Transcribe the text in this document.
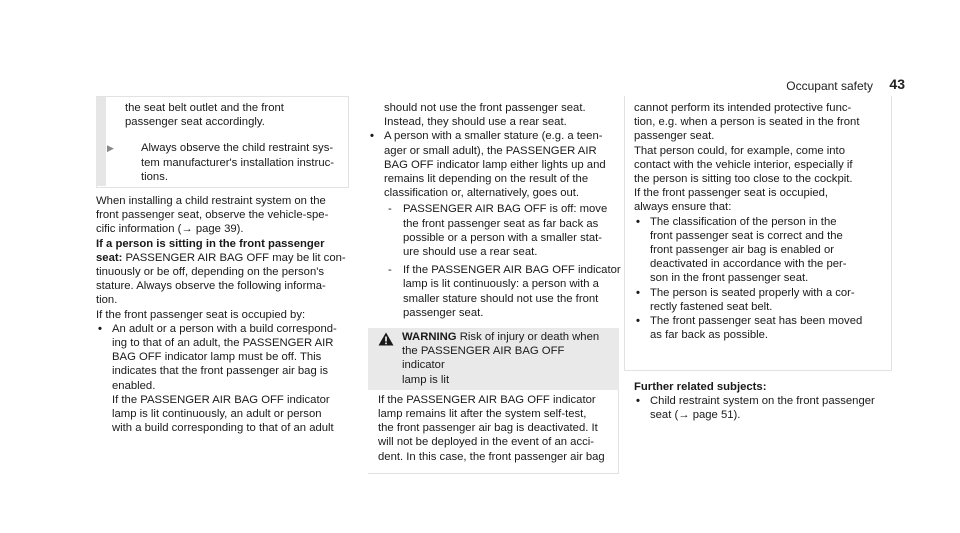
Occupant safety 43

the seat belt outlet and the front
passenger seat accordingly.

▶ Always observe the child restraint sys-
tem manufacturer's installation instruc-
tions.

When installing a child restraint system on the
front passenger seat, observe the vehicle-spe-
cific information (→ page 39).

If a person is sitting in the front passenger
seat: PASSENGER AIR BAG OFF may be lit con-
tinuously or be off, depending on the person's
stature. Always observe the following informa-
tion.

If the front passenger seat is occupied by:

• An adult or a person with a build correspond-
ing to that of an adult, the PASSENGER AIR
BAG OFF indicator lamp must be off. This
indicates that the front passenger air bag is
enabled.
If the PASSENGER AIR BAG OFF indicator
lamp is lit continuously, an adult or person
with a build corresponding to that of an adult

should not use the front passenger seat.
Instead, they should use a rear seat.

• A person with a smaller stature (e.g. a teen-
ager or small adult), the PASSENGER AIR
BAG OFF indicator lamp either lights up and
remains lit depending on the result of the
classification or, alternatively, goes out.
- PASSENGER AIR BAG OFF is off: move
the front passenger seat as far back as
possible or a person with a smaller stat-
ure should use a rear seat.
- If the PASSENGER AIR BAG OFF indicator
lamp is lit continuously: a person with a
smaller stature should not use the front
passenger seat.
WARNING Risk of injury or death when
the PASSENGER AIR BAG OFF indicator
lamp is lit
If the PASSENGER AIR BAG OFF indicator
lamp remains lit after the system self-test,
the front passenger air bag is deactivated. It
will not be deployed in the event of an acci-
dent. In this case, the front passenger air bag

cannot perform its intended protective func-
tion, e.g. when a person is seated in the front
passenger seat.

That person could, for example, come into
contact with the vehicle interior, especially if
the person is sitting too close to the cockpit.

If the front passenger seat is occupied,
always ensure that:

• The classification of the person in the
front passenger seat is correct and the
front passenger air bag is enabled or
deactivated in accordance with the per-
son in the front passenger seat.
• The person is seated properly with a cor-
rectly fastened seat belt.
• The front passenger seat has been moved
as far back as possible.

Further related subjects:

• Child restraint system on the front passenger
seat (→ page 51).
